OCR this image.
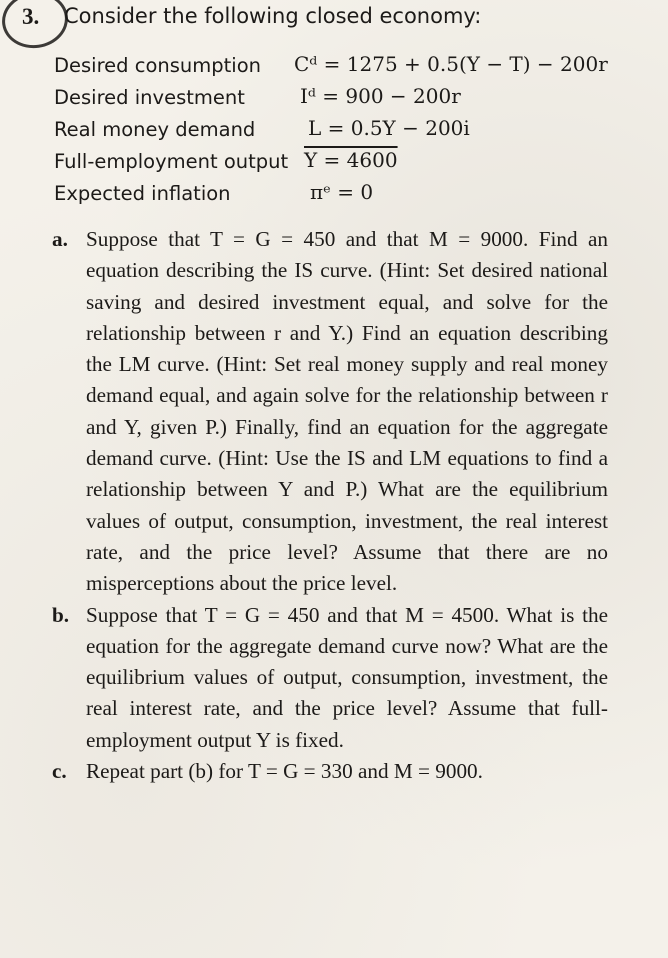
3. Consider the following closed economy:
Desired consumption Cᵈ = 1275 + 0.5(Y − T) − 200r
Desired investment	Iᵈ = 900 − 200r
Real money demand	L = 0.5Y − 200i
Full-employment output Y = 4600
Expected inflation	πᵉ = 0
a. Suppose that T = G = 450 and that M = 9000. Find an equation describing the IS curve. (Hint: Set desired national saving and desired investment equal, and solve for the relationship between r and Y.) Find an equation describing the LM curve. (Hint: Set real money supply and real money demand equal, and again solve for the relationship between r and Y, given P.) Finally, find an equation for the aggregate demand curve. (Hint: Use the IS and LM equations to find a relationship between Y and P.) What are the equilibrium values of output, consumption, investment, the real interest rate, and the price level? Assume that there are no misperceptions about the price level.
b. Suppose that T = G = 450 and that M = 4500. What is the equation for the aggregate demand curve now? What are the equilibrium values of output, consumption, investment, the real interest rate, and the price level? Assume that full-employment output Y is fixed.
c. Repeat part (b) for T = G = 330 and M = 9000.
